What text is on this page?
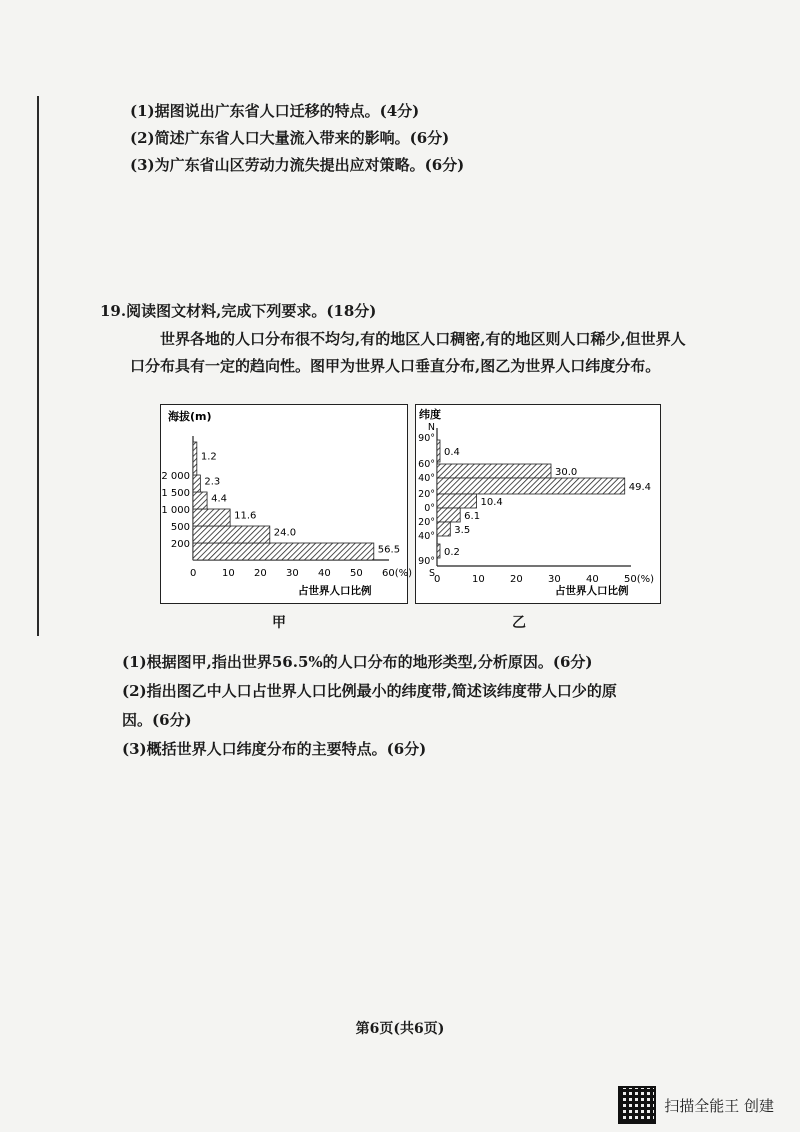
(1)据图说出广东省人口迁移的特点。(4分)
(2)简述广东省人口大量流入带来的影响。(6分)
(3)为广东省山区劳动力流失提出应对策略。(6分)
19.阅读图文材料,完成下列要求。(18分)

世界各地的人口分布很不均匀,有的地区人口稠密,有的地区则人口稀少,但世界人口分布具有一定的趋向性。图甲为世界人口垂直分布,图乙为世界人口纬度分布。

海拔(m)
占世界人口比例
56.5
24.0
11.6
4.4
2.3
1.2
200
500
1 000
1 500
2 000
0	10 20 30 40 50 60(%)
纬度
占世界人口比例
0.4
30.0
49.4
10.4
6.1
3.5
0.2
N
90°
60°
40°
20°
0°
20°
40°
90°
S
0	10	20	30	40	50(%)
甲	乙
(1)根据图甲,指出世界56.5%的人口分布的地形类型,分析原因。(6分)
(2)指出图乙中人口占世界人口比例最小的纬度带,简述该纬度带人口少的原
因。(6分)
(3)概括世界人口纬度分布的主要特点。(6分)
第6页(共6页)
扫描全能王 创建
